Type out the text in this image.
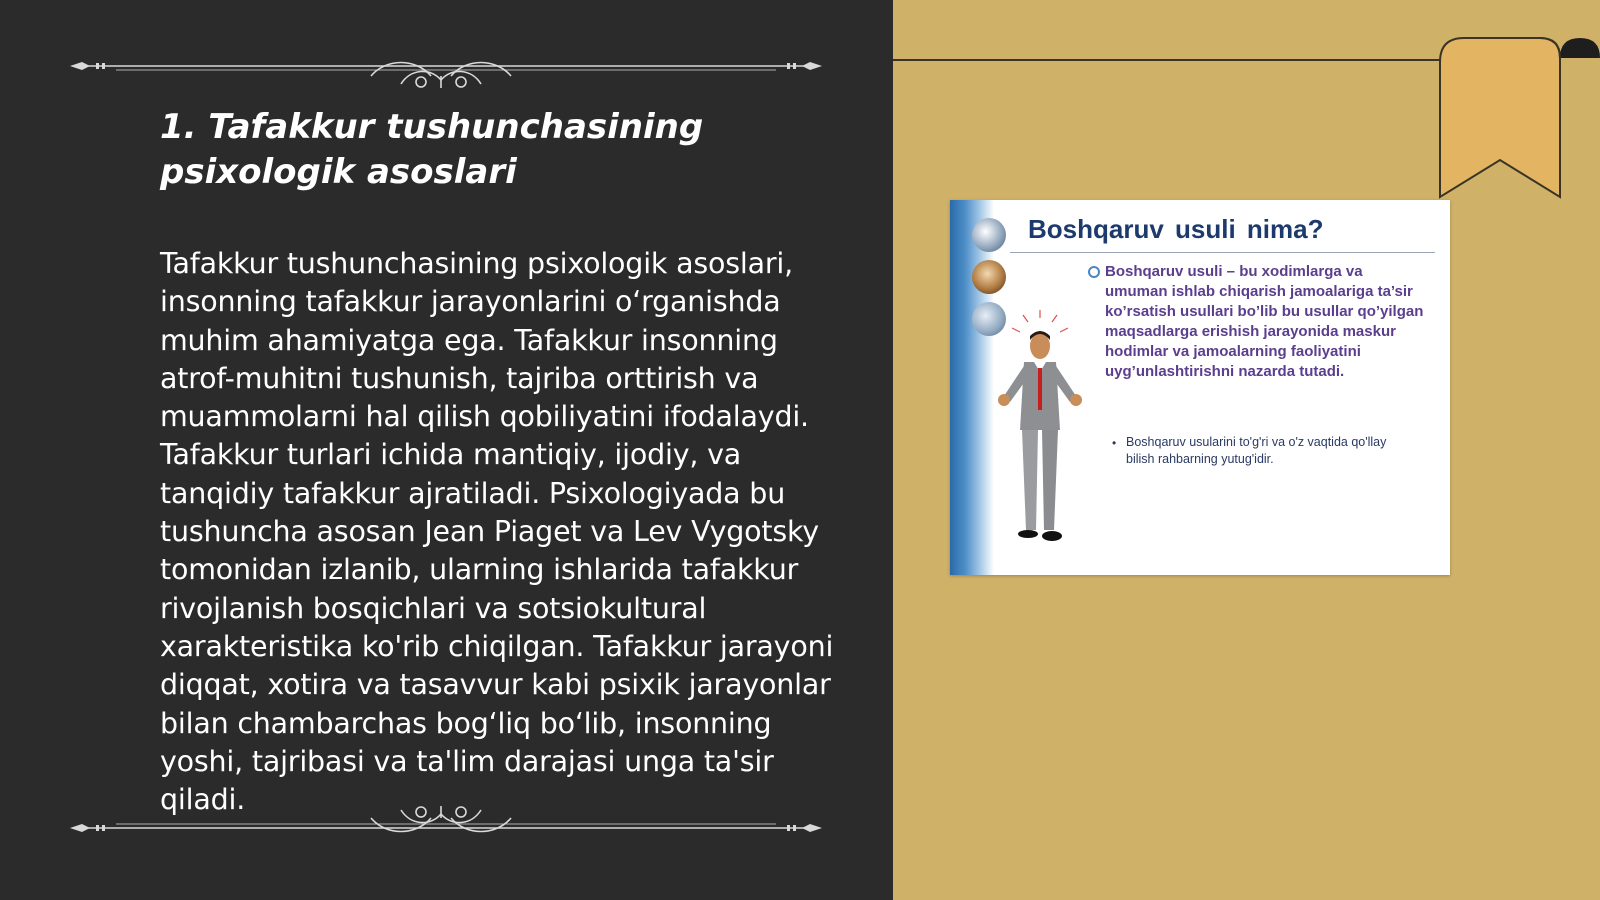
1. Tafakkur tushunchasining psixologik asoslari

Tafakkur tushunchasining psixologik asoslari, insonning tafakkur jarayonlarini o‘rganishda muhim ahamiyatga ega. Tafakkur insonning atrof-muhitni tushunish, tajriba orttirish va muammolarni hal qilish qobiliyatini ifodalaydi. Tafakkur turlari ichida mantiqiy, ijodiy, va tanqidiy tafakkur ajratiladi. Psixologiyada bu tushuncha asosan Jean Piaget va Lev Vygotsky tomonidan izlanib, ularning ishlarida tafakkur rivojlanish bosqichlari va sotsiokultural xarakteristika ko'rib chiqilgan. Tafakkur jarayoni diqqat, xotira va tasavvur kabi psixik jarayonlar bilan chambarchas bog‘liq bo‘lib, insonning yoshi, tajribasi va ta'lim darajasi unga ta'sir qiladi.

Boshqaruv usuli nima?

Boshqaruv usuli – bu xodimlarga va umuman ishlab chiqarish jamoalariga ta’sir ko’rsatish usullari bo’lib bu usullar qo’yilgan maqsadlarga erishish jarayonida maskur hodimlar va jamoalarning faoliyatini uyg’unlashtirishni nazarda tutadi.

• Boshqaruv usularini to'g'ri va o'z vaqtida qo'llay bilish rahbarning yutug'idir.
